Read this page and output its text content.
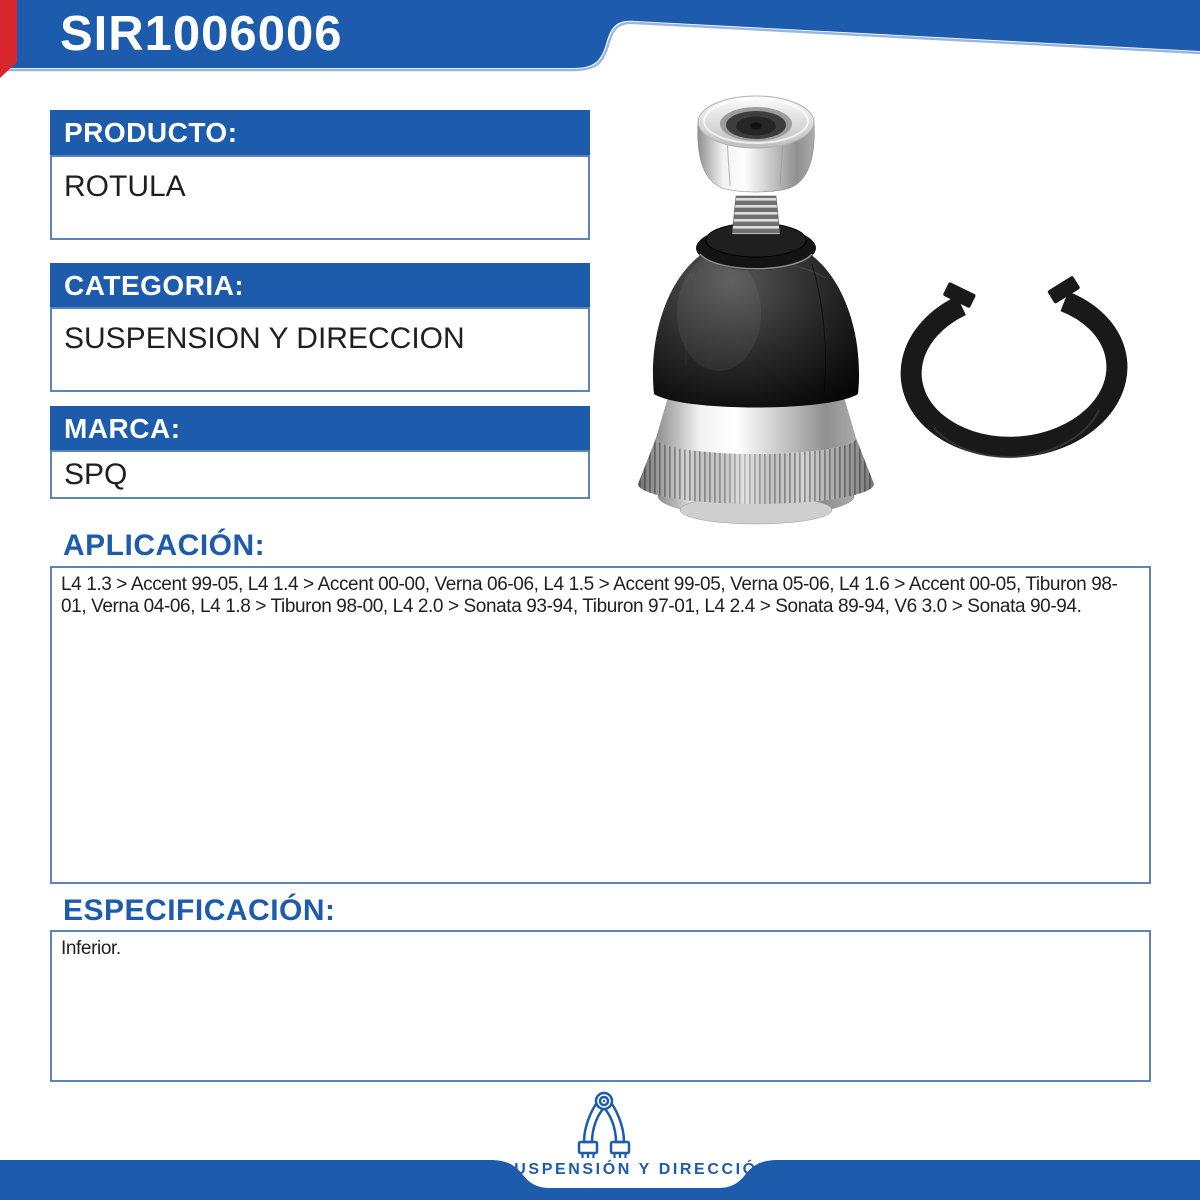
SIR1006006
PRODUCTO:
ROTULA
CATEGORIA:
SUSPENSION Y DIRECCION
MARCA:
SPQ
APLICACIÓN:
L4 1.3 > Accent 99-05, L4 1.4 > Accent 00-00, Verna 06-06, L4 1.5 > Accent 99-05, Verna 05-06, L4 1.6 > Accent 00-05, Tiburon 98-01, Verna 04-06, L4 1.8 > Tiburon 98-00, L4 2.0 > Sonata 93-94, Tiburon 97-01, L4 2.4 > Sonata 89-94, V6 3.0 > Sonata 90-94.
ESPECIFICACIÓN:
Inferior.
SUSPENSIÓN Y DIRECCIÓN
